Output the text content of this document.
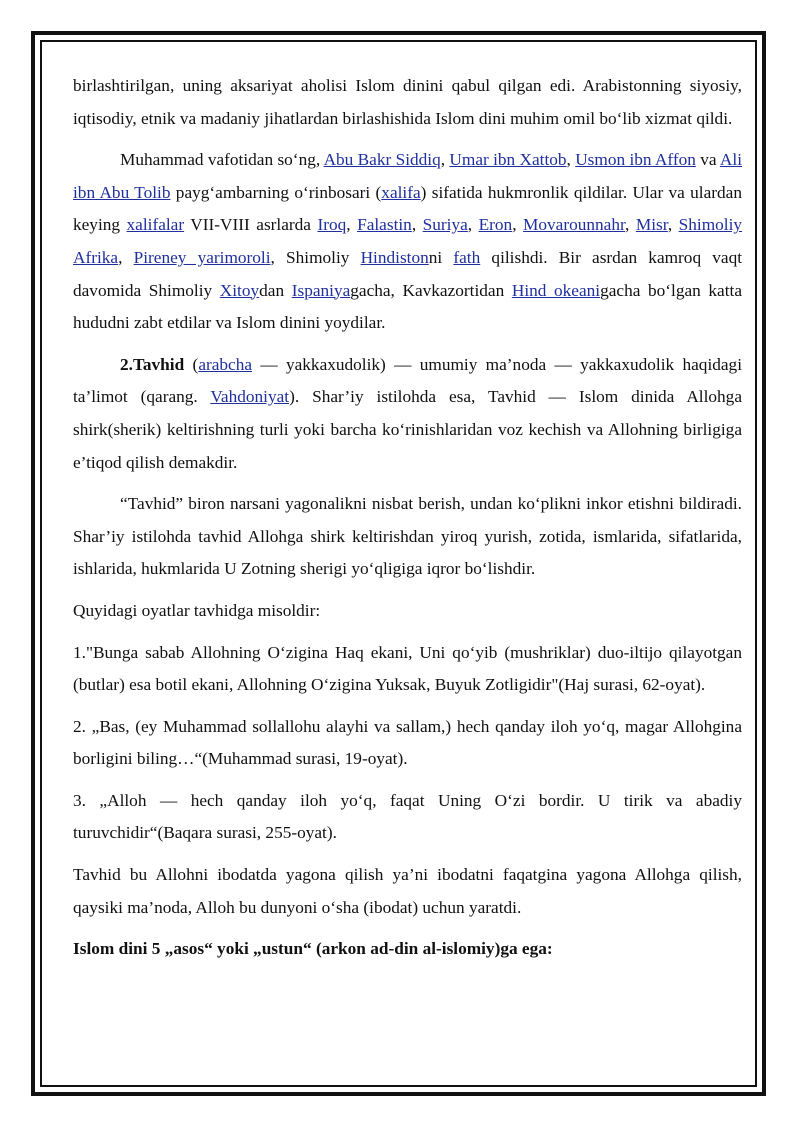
birlashtirilgan, uning aksariyat aholisi Islom dinini qabul qilgan edi. Arabistonning siyosiy, iqtisodiy, etnik va madaniy jihatlardan birlashishida Islom dini muhim omil bo‘lib xizmat qildi.

Muhammad vafotidan so‘ng, Abu Bakr Siddiq, Umar ibn Xattob, Usmon ibn Affon va Ali ibn Abu Tolib payg‘ambarning o‘rinbosari (xalifa) sifatida hukmronlik qildilar. Ular va ulardan keying xalifalar VII-VIII asrlarda Iroq, Falastin, Suriya, Eron, Movarounnahr, Misr, Shimoliy Afrika, Pireney yarimoroli, Shimoliy Hindistonni fath qilishdi. Bir asrdan kamroq vaqt davomida Shimoliy Xitoydan Ispaniyagacha, Kavkazortidan Hind okeanigacha bo‘lgan katta hududni zabt etdilar va Islom dinini yoydilar.

2.Tavhid (arabcha — yakkaxudolik) — umumiy ma’noda — yakkaxudolik haqidagi ta’limot (qarang. Vahdoniyat). Shar’iy istilohda esa, Tavhid — Islom dinida Allohga shirk(sherik) keltirishning turli yoki barcha ko‘rinishlaridan voz kechish va Allohning birligiga e’tiqod qilish demakdir.

“Tavhid” biron narsani yagonalikni nisbat berish, undan ko‘plikni inkor etishni bildiradi. Shar’iy istilohda tavhid Allohga shirk keltirishdan yiroq yurish, zotida, ismlarida, sifatlarida, ishlarida, hukmlarida U Zotning sherigi yo‘qligiga iqror bo‘lishdir.

Quyidagi oyatlar tavhidga misoldir:

1."Bunga sabab Allohning O‘zigina Haq ekani, Uni qo‘yib (mushriklar) duo-iltijo qilayotgan (butlar) esa botil ekani, Allohning O‘zigina Yuksak, Buyuk Zotligidir"(Haj surasi, 62-oyat).

2. „Bas, (ey Muhammad sollallohu alayhi va sallam,) hech qanday iloh yo‘q, magar Allohgina borligini biling…“(Muhammad surasi, 19-oyat).

3. „Alloh — hech qanday iloh yo‘q, faqat Uning O‘zi bordir. U tirik va abadiy turuvchidir“(Baqara surasi, 255-oyat).

Tavhid bu Allohni ibodatda yagona qilish ya’ni ibodatni faqatgina yagona Allohga qilish, qaysiki ma’noda, Alloh bu dunyoni o‘sha (ibodat) uchun yaratdi.

Islom dini 5 „asos“ yoki „ustun“ (arkon ad-din al-islomiy)ga ega:
